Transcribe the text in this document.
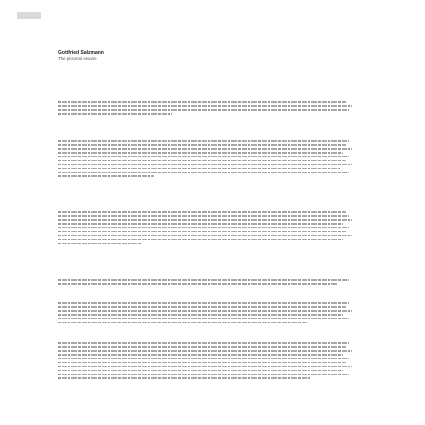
Gottfried Salzmann
The pictorial oeuvre
